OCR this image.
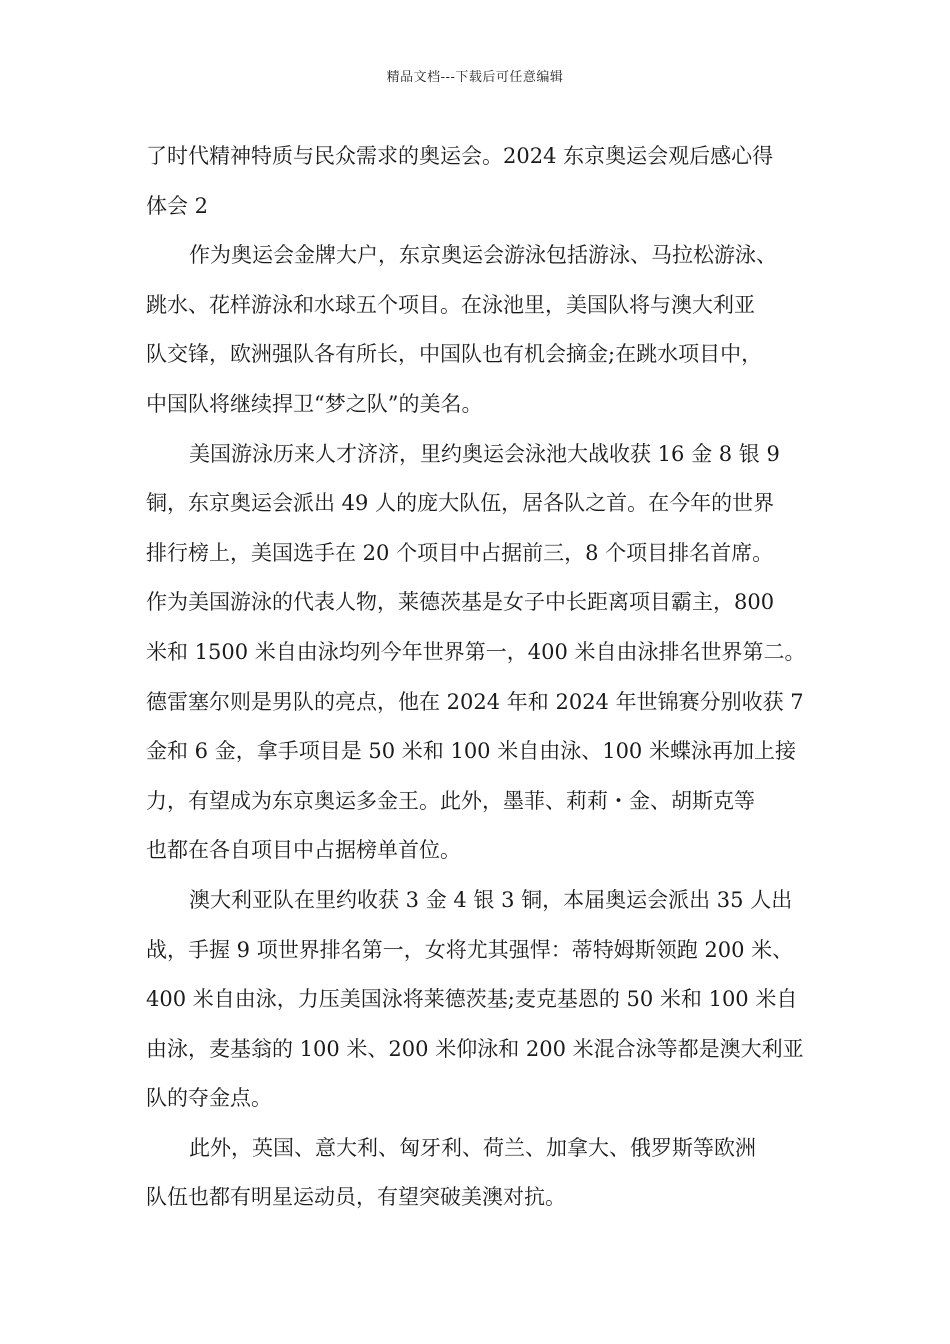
精品文档---下载后可任意编辑
了时代精神特质与民众需求的奥运会。2024 东京奥运会观后感心得
体会 2
作为奥运会金牌大户，东京奥运会游泳包括游泳、马拉松游泳、
跳水、花样游泳和水球五个项目。在泳池里，美国队将与澳大利亚
队交锋，欧洲强队各有所长，中国队也有机会摘金;在跳水项目中，
中国队将继续捍卫“梦之队”的美名。
美国游泳历来人才济济，里约奥运会泳池大战收获 16 金 8 银 9
铜，东京奥运会派出 49 人的庞大队伍，居各队之首。在今年的世界
排行榜上，美国选手在 20 个项目中占据前三，8 个项目排名首席。
作为美国游泳的代表人物，莱德茨基是女子中长距离项目霸主，800
米和 1500 米自由泳均列今年世界第一，400 米自由泳排名世界第二。
德雷塞尔则是男队的亮点，他在 2024 年和 2024 年世锦赛分别收获 7
金和 6 金，拿手项目是 50 米和 100 米自由泳、100 米蝶泳再加上接
力，有望成为东京奥运多金王。此外，墨菲、莉莉・金、胡斯克等
也都在各自项目中占据榜单首位。
澳大利亚队在里约收获 3 金 4 银 3 铜，本届奥运会派出 35 人出
战，手握 9 项世界排名第一，女将尤其强悍：蒂特姆斯领跑 200 米、
400 米自由泳，力压美国泳将莱德茨基;麦克基恩的 50 米和 100 米自
由泳，麦基翁的 100 米、200 米仰泳和 200 米混合泳等都是澳大利亚
队的夺金点。
此外，英国、意大利、匈牙利、荷兰、加拿大、俄罗斯等欧洲
队伍也都有明星运动员，有望突破美澳对抗。
